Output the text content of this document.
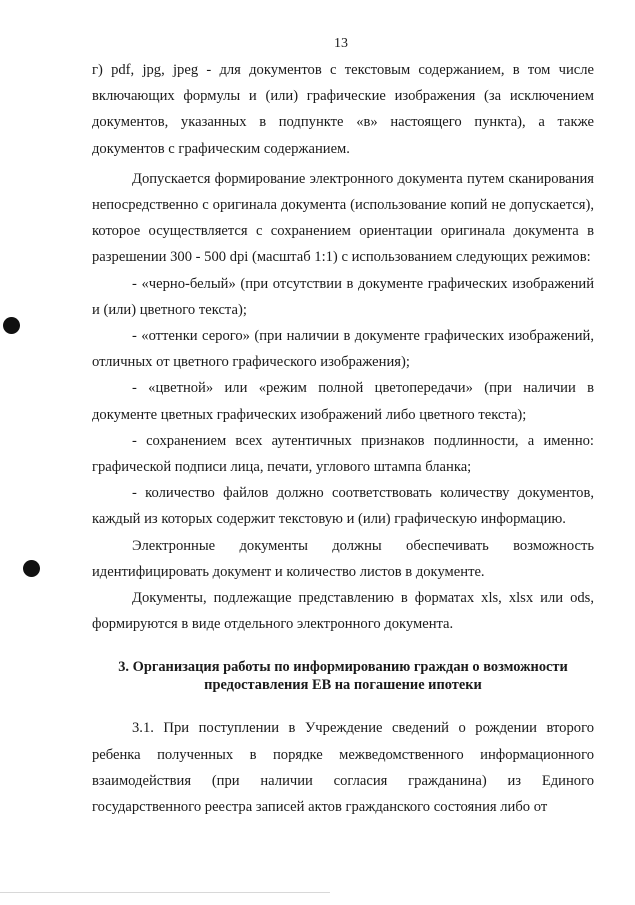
13

г) pdf, jpg, jpeg - для документов с текстовым содержанием, в том числе включающих формулы и (или) графические изображения (за исключением документов, указанных в подпункте «в» настоящего пункта), а также документов с графическим содержанием.

Допускается формирование электронного документа путем сканирования непосредственно с оригинала документа (использование копий не допускается), которое осуществляется с сохранением ориентации оригинала документа в разрешении 300 - 500 dpi (масштаб 1:1) с использованием следующих режимов:

- «черно-белый» (при отсутствии в документе графических изображений и (или) цветного текста);

- «оттенки серого» (при наличии в документе графических изображений, отличных от цветного графического изображения);

- «цветной» или «режим полной цветопередачи» (при наличии в документе цветных графических изображений либо цветного текста);

- сохранением всех аутентичных признаков подлинности, а именно: графической подписи лица, печати, углового штампа бланка;

- количество файлов должно соответствовать количеству документов, каждый из которых содержит текстовую и (или) графическую информацию.

Электронные документы должны обеспечивать возможность идентифицировать документ и количество листов в документе.

Документы, подлежащие представлению в форматах xls, xlsx или ods, формируются в виде отдельного электронного документа.

3. Организация работы по информированию граждан о возможности предоставления ЕВ на погашение ипотеки

3.1. При поступлении в Учреждение сведений о рождении второго ребенка полученных в порядке межведомственного информационного взаимодействия (при наличии согласия гражданина) из Единого государственного реестра записей актов гражданского состояния либо от
